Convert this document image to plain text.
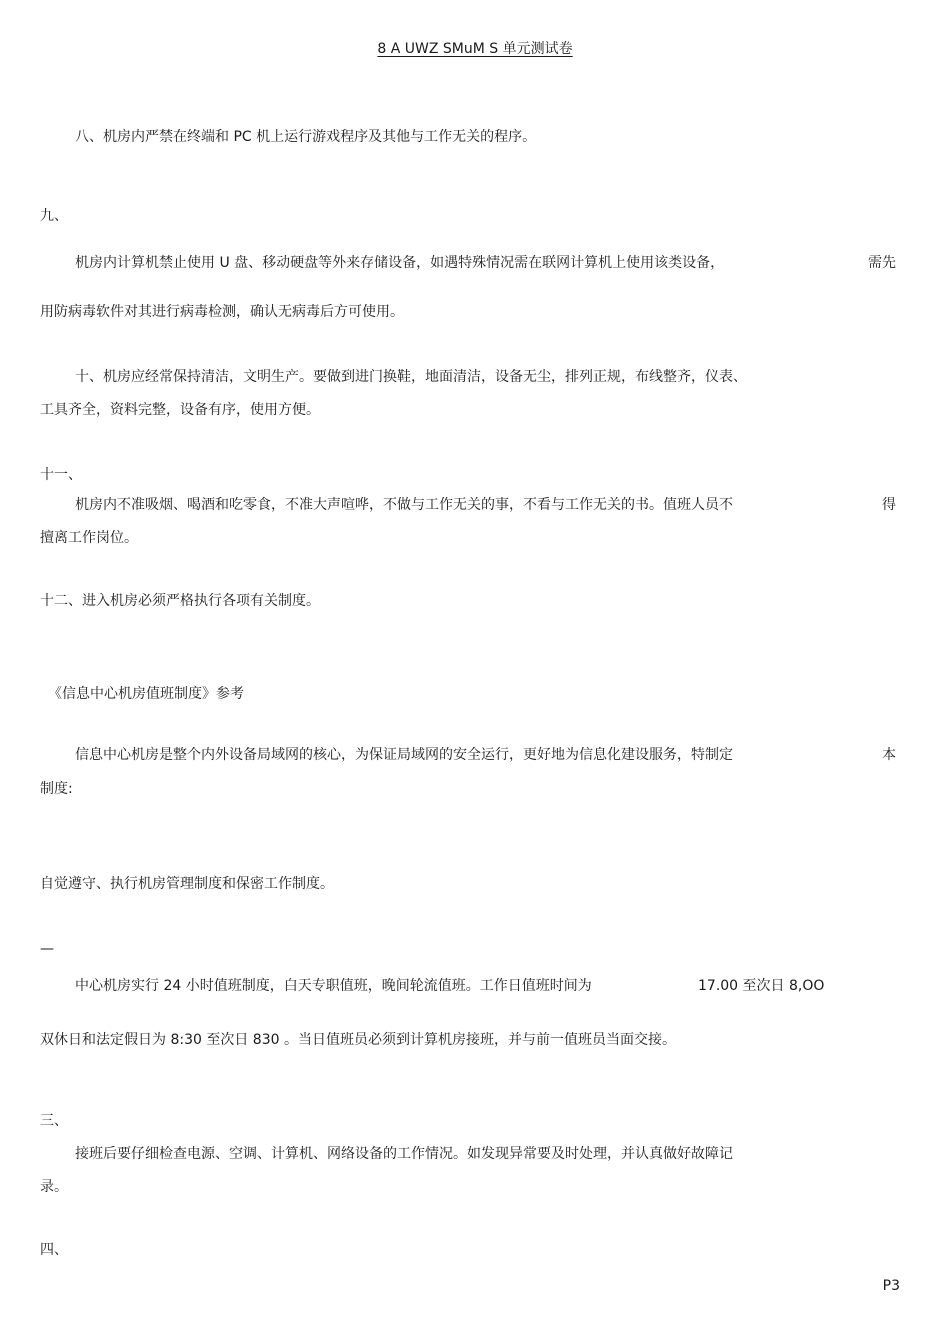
8 A UWZ SMuM S 单元测试卷
八、机房内严禁在终端和 PC 机上运行游戏程序及其他与工作无关的程序。
九、
机房内计算机禁止使用 U 盘、移动硬盘等外来存储设备，如遇特殊情况需在联网计算机上使用该类设备，	需先
用防病毒软件对其进行病毒检测，确认无病毒后方可使用。
十、机房应经常保持清洁，文明生产。要做到进门换鞋，地面清洁，设备无尘，排列正规，布线整齐，仪表、
工具齐全，资料完整，设备有序，使用方便。
十一、
机房内不准吸烟、喝酒和吃零食，不准大声喧哗，不做与工作无关的事，不看与工作无关的书。值班人员不	得
擅离工作岗位。
十二、进入机房必须严格执行各项有关制度。
《信息中心机房值班制度》参考
信息中心机房是整个内外设备局域网的核心，为保证局域网的安全运行，更好地为信息化建设服务，特制定	本
制度:
自觉遵守、执行机房管理制度和保密工作制度。
—
中心机房实行 24 小时值班制度，白天专职值班，晚间轮流值班。工作日值班时间为	17.00 至次日 8,OO
双休日和法定假日为 8:30 至次日 830 。当日值班员必须到计算机房接班，并与前一值班员当面交接。
三、
接班后要仔细检查电源、空调、计算机、网络设备的工作情况。如发现异常要及时处理，并认真做好故障记
录。
四、
P3
